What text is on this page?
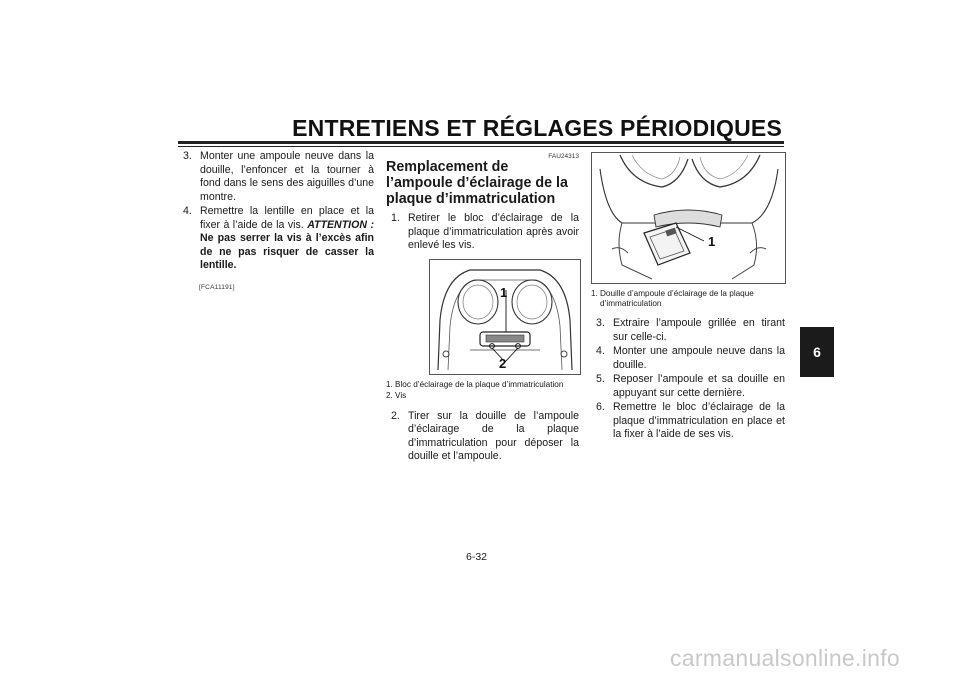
ENTRETIENS ET RÉGLAGES PÉRIODIQUES
3. Monter une ampoule neuve dans la douille, l’enfoncer et la tourner à fond dans le sens des aiguilles d’une montre.
4. Remettre la lentille en place et la fixer à l’aide de la vis. ATTENTION : Ne pas serrer la vis à l’excès afin de ne pas risquer de casser la lentille.
[FCA11191]
FAU24313
Remplacement de l’ampoule d’éclairage de la plaque d’immatriculation
1. Retirer le bloc d’éclairage de la plaque d’immatriculation après avoir enlevé les vis.
1
2
1. Bloc d’éclairage de la plaque d’immatriculation
2. Vis
2. Tirer sur la douille de l’ampoule d’éclairage de la plaque d’immatriculation pour déposer la douille et l’ampoule.
1
1. Douille d’ampoule d’éclairage de la plaque d’immatriculation
3. Extraire l’ampoule grillée en tirant sur celle-ci.
4. Monter une ampoule neuve dans la douille.
5. Reposer l’ampoule et sa douille en appuyant sur cette dernière.
6. Remettre le bloc d’éclairage de la plaque d’immatriculation en place et la fixer à l’aide de ses vis.
6
6-32
carmanualsonline.info
